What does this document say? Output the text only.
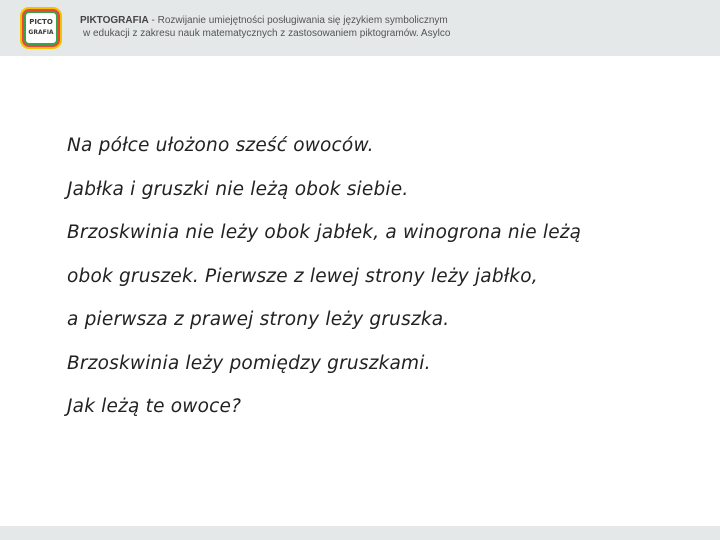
PICTO
GRAFIA
PIKTOGRAFIA - Rozwijanie umiejętności posługiwania się językiem symbolicznym
w edukacji z zakresu nauk matematycznych z zastosowaniem piktogramów. Asylco

Na półce ułożono sześć owoców.

Jabłka i gruszki nie leżą obok siebie.

Brzoskwinia nie leży obok jabłek, a winogrona nie leżą

obok gruszek. Pierwsze z lewej strony leży jabłko,

a pierwsza z prawej strony leży gruszka.

Brzoskwinia leży pomiędzy gruszkami.

Jak leżą te owoce?
